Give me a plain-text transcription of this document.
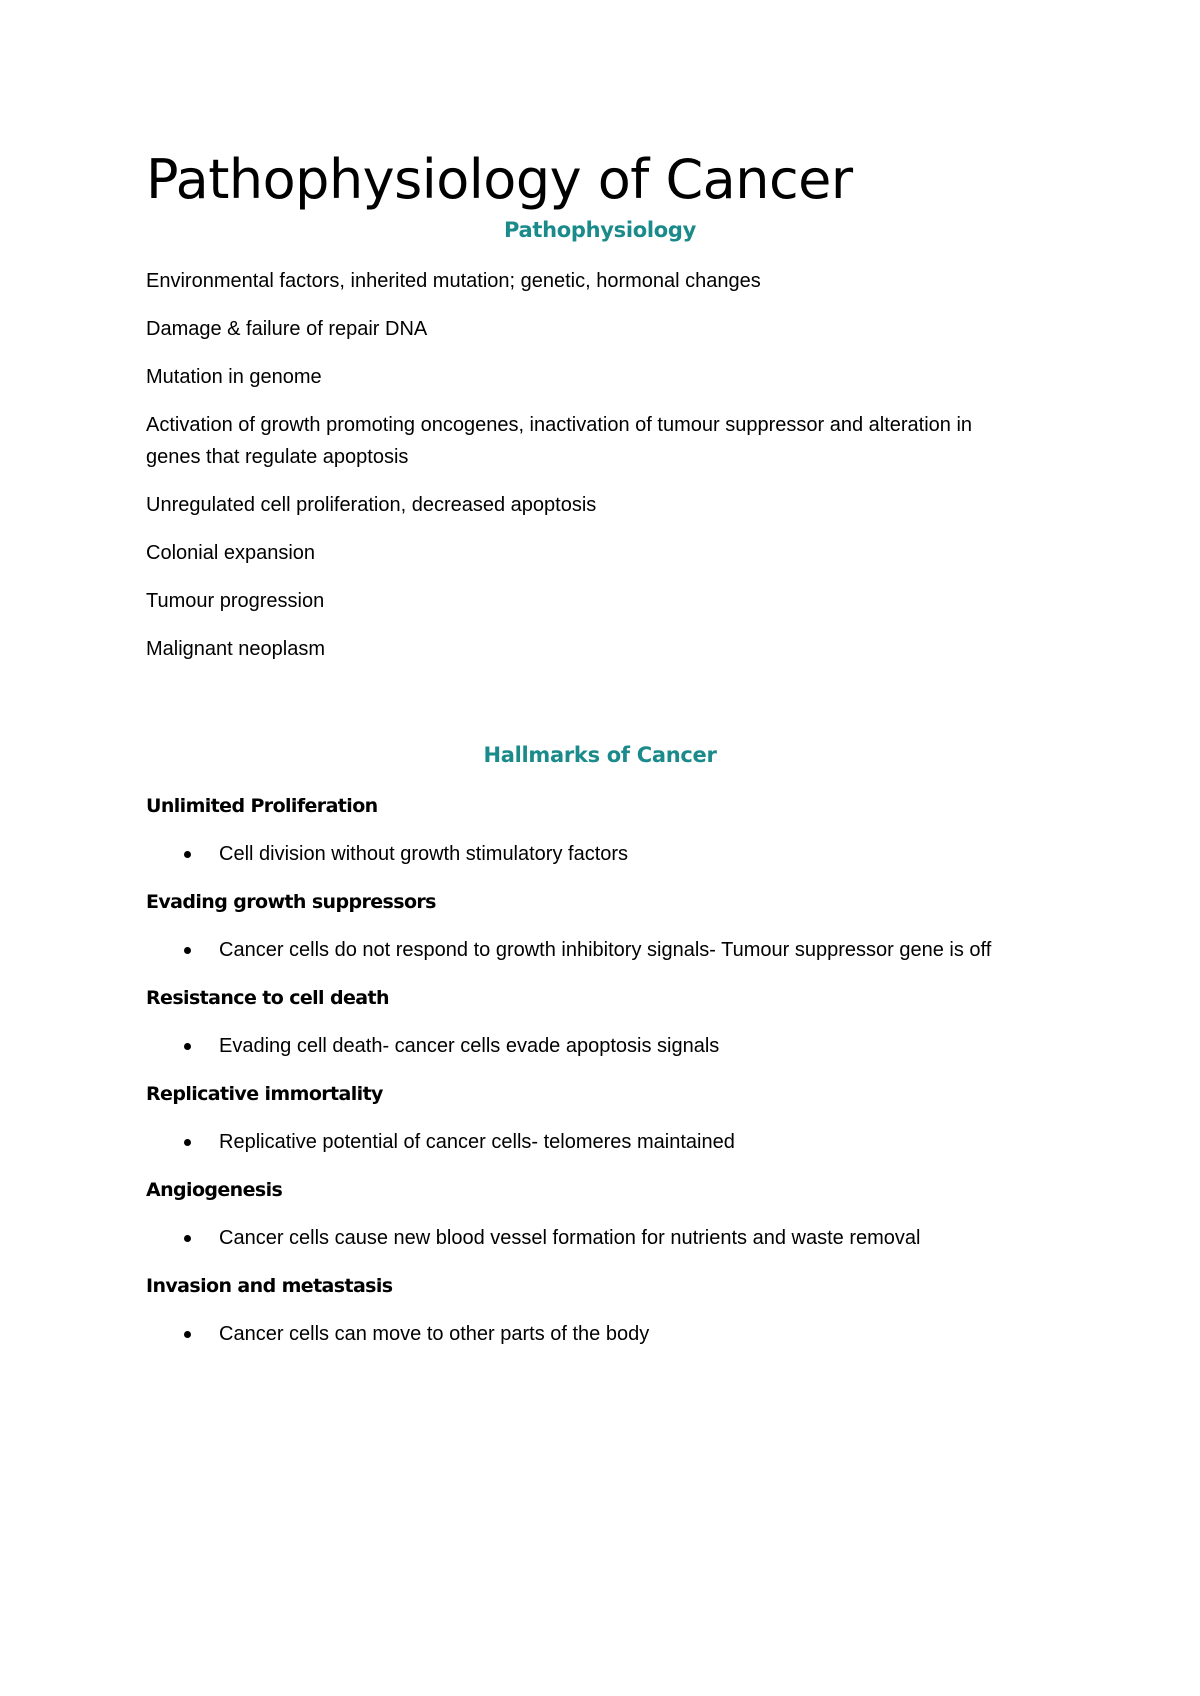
Pathophysiology of Cancer
Pathophysiology

Environmental factors, inherited mutation; genetic, hormonal changes

Damage & failure of repair DNA

Mutation in genome

Activation of growth promoting oncogenes, inactivation of tumour suppressor and alteration in genes that regulate apoptosis

Unregulated cell proliferation, decreased apoptosis

Colonial expansion

Tumour progression

Malignant neoplasm

Hallmarks of Cancer

Unlimited Proliferation

Cell division without growth stimulatory factors

Evading growth suppressors

Cancer cells do not respond to growth inhibitory signals- Tumour suppressor gene is off

Resistance to cell death

Evading cell death- cancer cells evade apoptosis signals

Replicative immortality

Replicative potential of cancer cells- telomeres maintained

Angiogenesis

Cancer cells cause new blood vessel formation for nutrients and waste removal

Invasion and metastasis

Cancer cells can move to other parts of the body
